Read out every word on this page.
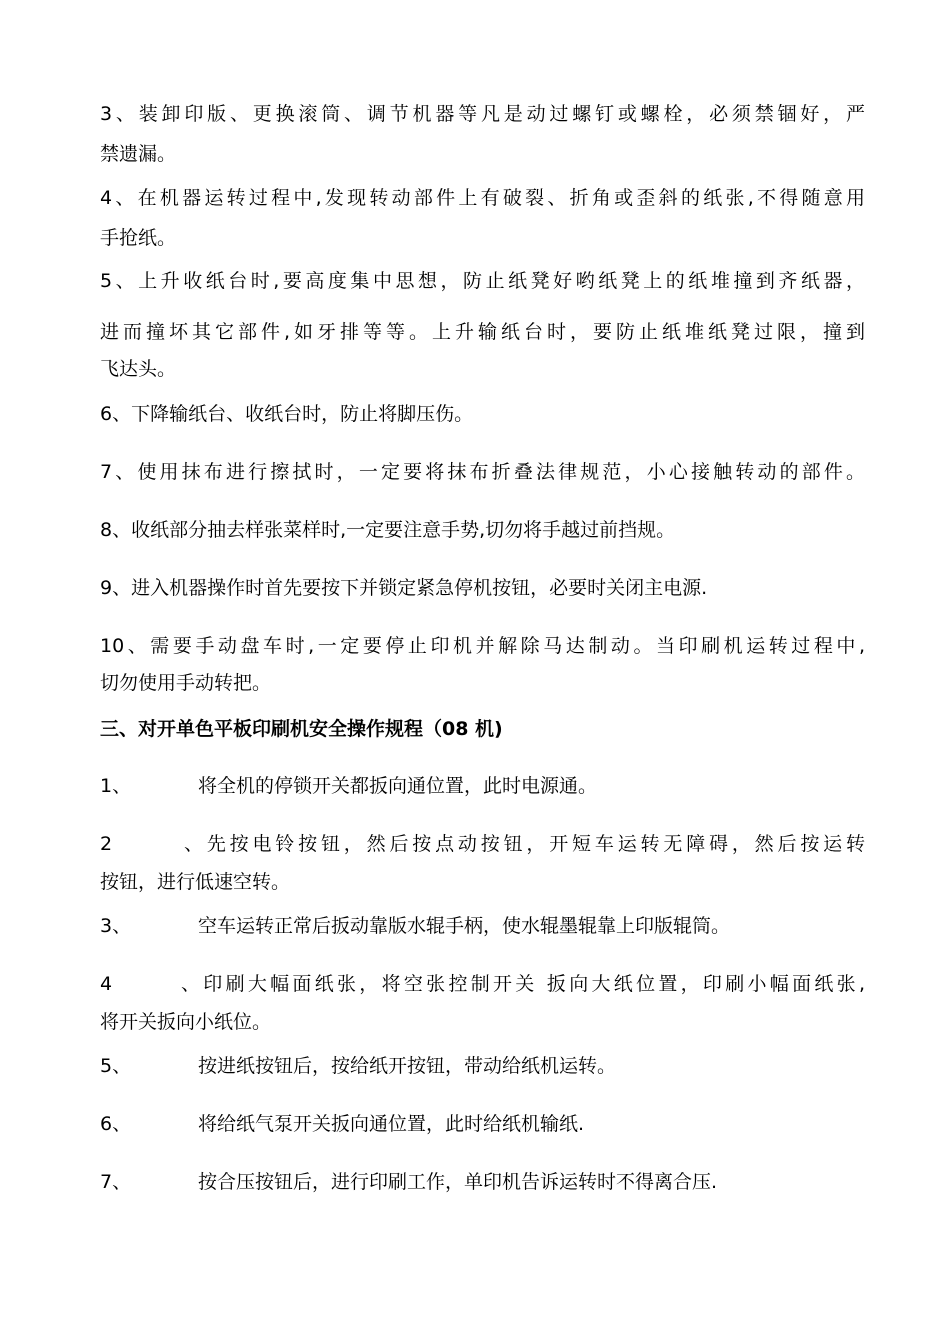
3、装卸印版、更换滚筒、调节机器等凡是动过螺钉或螺栓，必须禁锢好，严
禁遗漏。
4、在机器运转过程中,发现转动部件上有破裂、折角或歪斜的纸张,不得随意用
手抢纸。
5、上升收纸台时,要高度集中思想，防止纸凳好哟纸凳上的纸堆撞到齐纸器，
进而撞坏其它部件,如牙排等等。上升输纸台时，要防止纸堆纸凳过限，撞到
飞达头。
6、下降输纸台、收纸台时，防止将脚压伤。
7、使用抹布进行擦拭时，一定要将抹布折叠法律规范，小心接触转动的部件。
8、收纸部分抽去样张菜样时,一定要注意手势,切勿将手越过前挡规。
9、进入机器操作时首先要按下并锁定紧急停机按钮，必要时关闭主电源.
10、需要手动盘车时,一定要停止印机并解除马达制动。当印刷机运转过程中,
切勿使用手动转把。
三、对开单色平板印刷机安全操作规程（08 机)
1、	将全机的停锁开关都扳向通位置，此时电源通。
2、先按电铃按钮，然后按点动按钮，开短车运转无障碍，然后按运转
按钮，进行低速空转。
3、	空车运转正常后扳动靠版水辊手柄，使水辊墨辊靠上印版辊筒。
4、印刷大幅面纸张，将空张控制开关 扳向大纸位置，印刷小幅面纸张,
将开关扳向小纸位。
5、	按进纸按钮后，按给纸开按钮，带动给纸机运转。
6、	将给纸气泵开关扳向通位置，此时给纸机输纸.
7、	按合压按钮后，进行印刷工作，单印机告诉运转时不得离合压.
